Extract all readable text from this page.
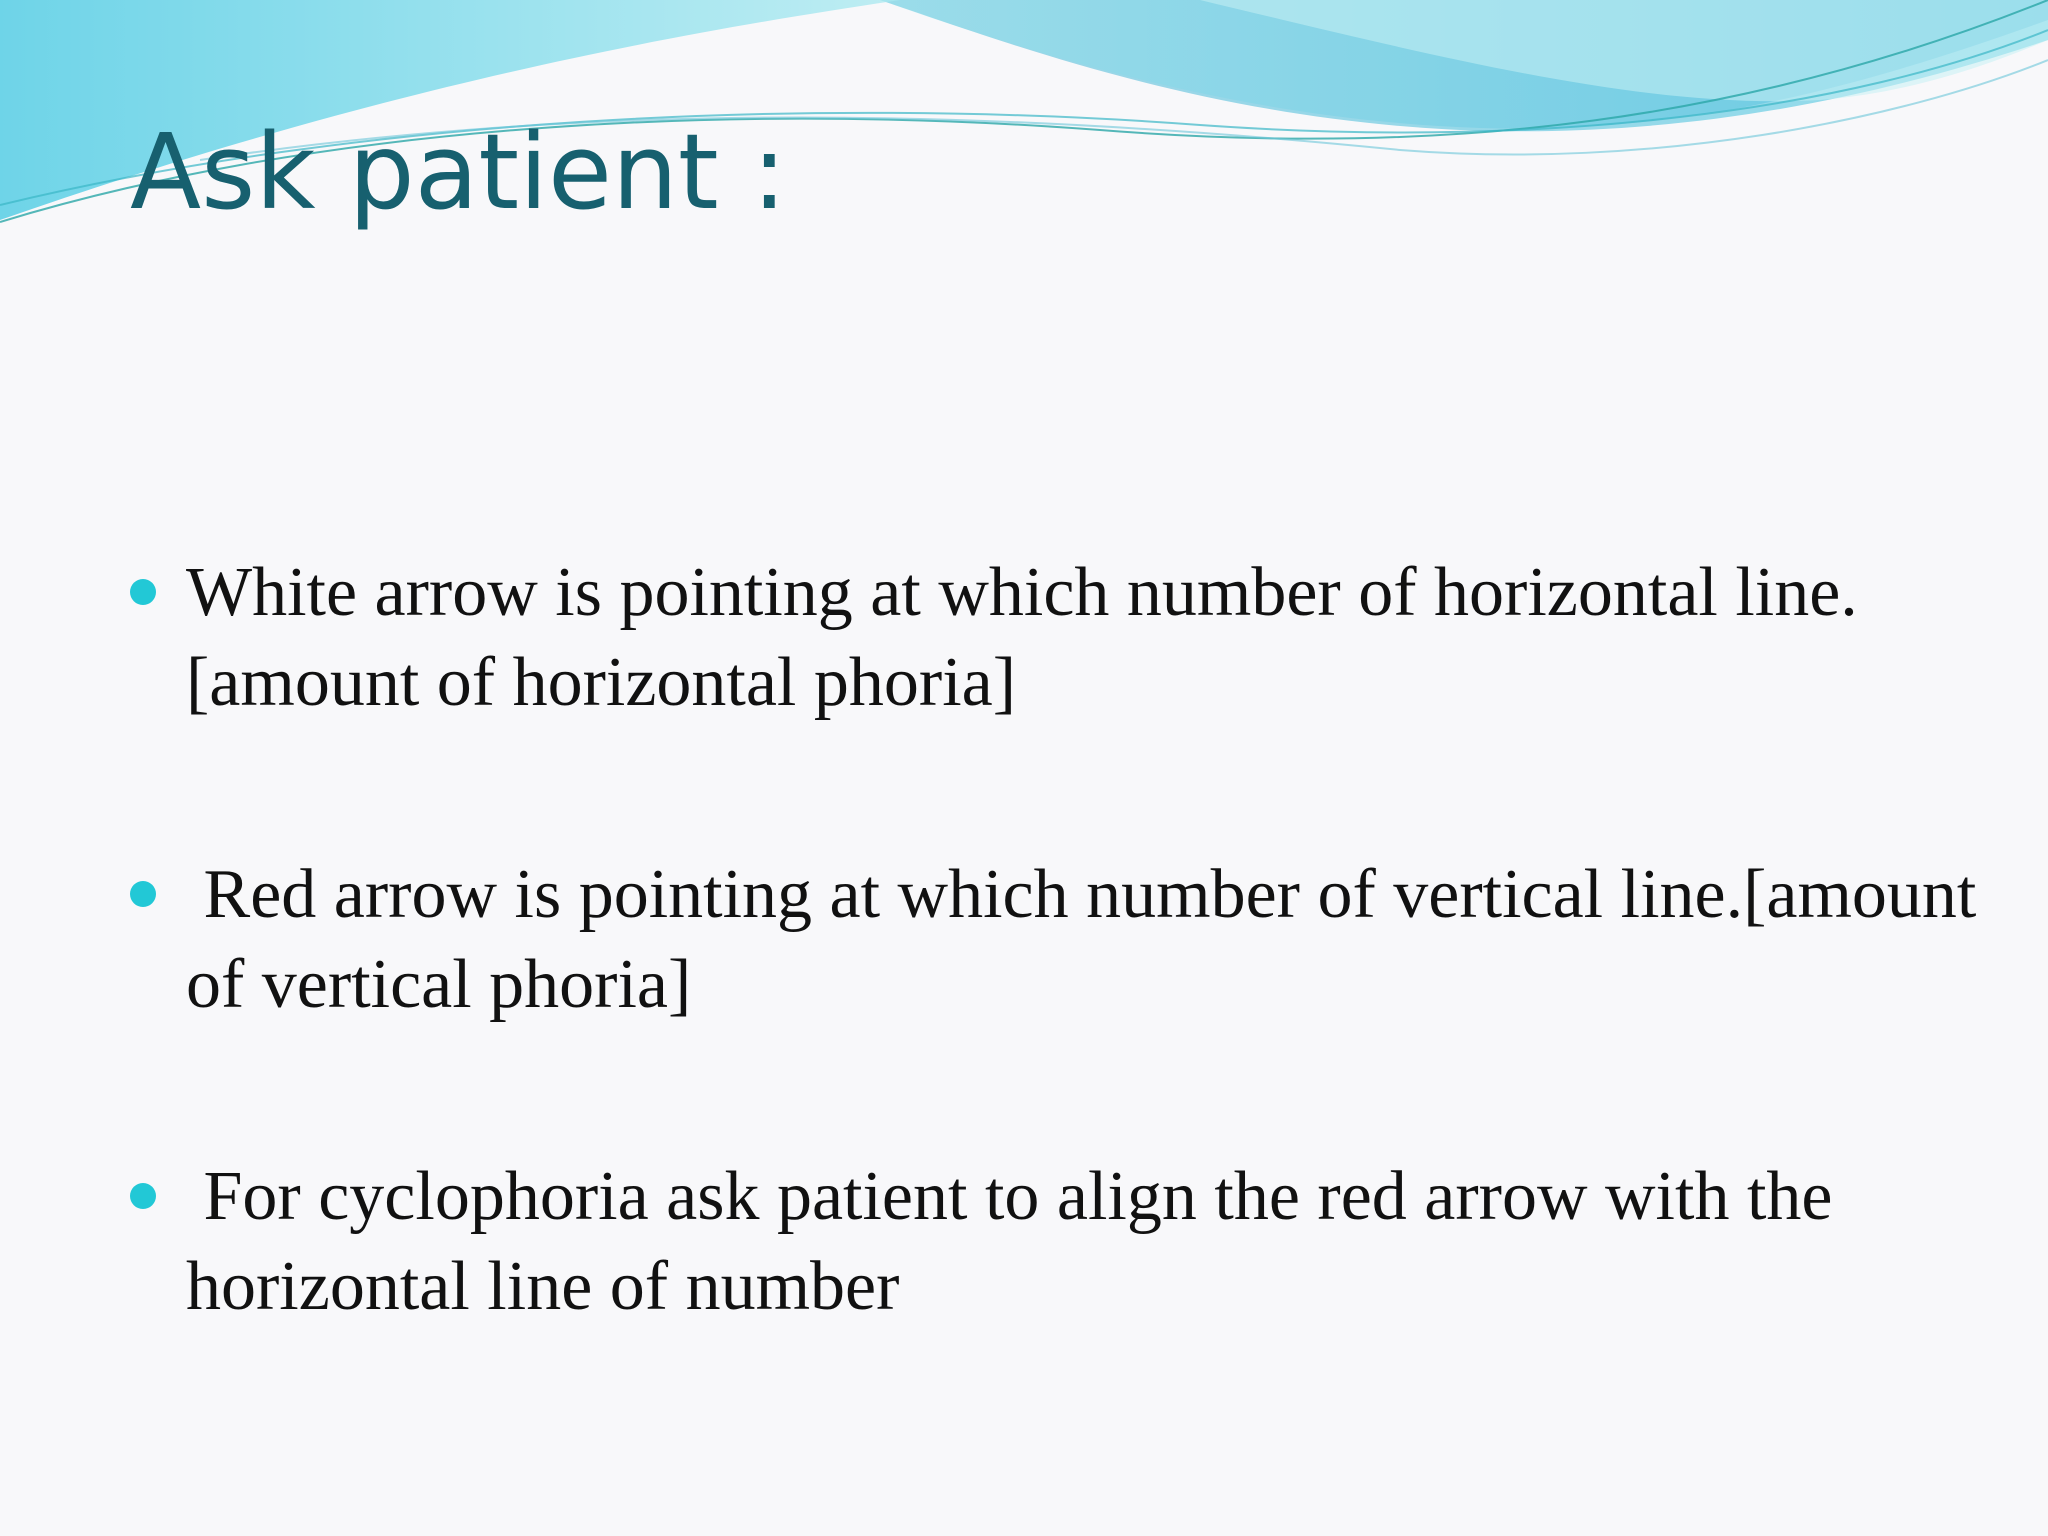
Ask patient :
White arrow is pointing at which number of horizontal line. [amount of horizontal phoria]
Red arrow is pointing at which number of vertical line.[amount of vertical phoria]
For cyclophoria ask patient to align the red arrow with the horizontal line of number
